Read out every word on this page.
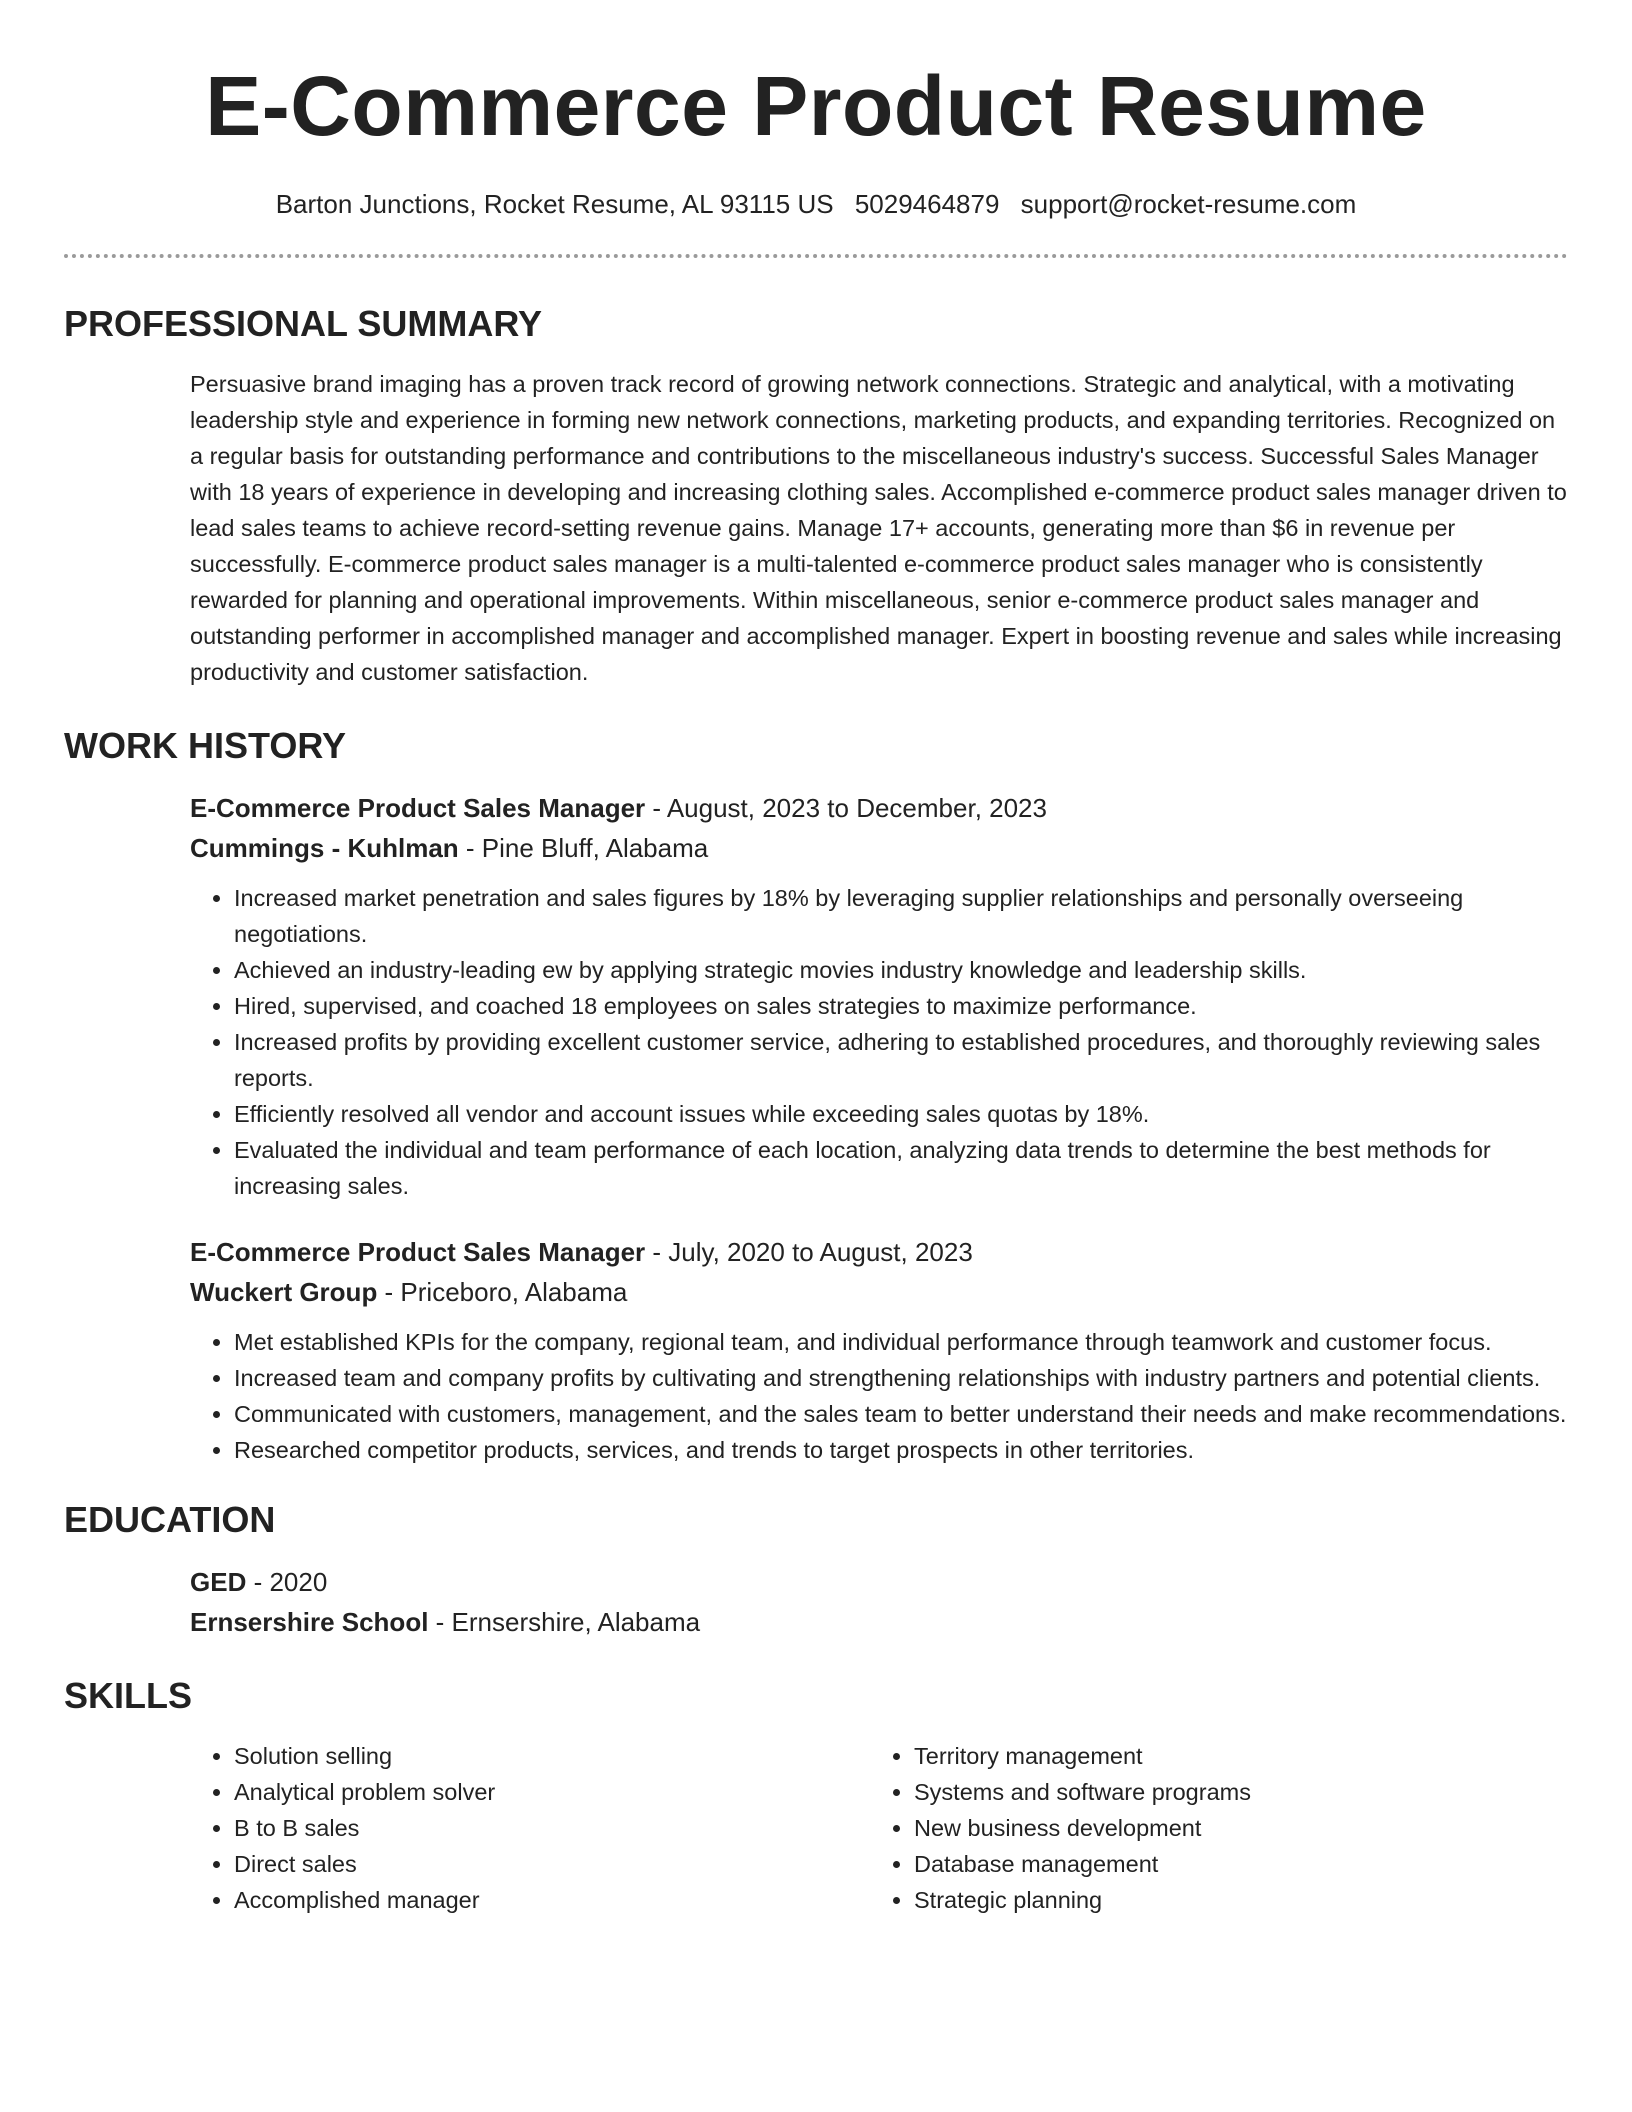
E-Commerce Product Resume
Barton Junctions, Rocket Resume, AL 93115 US 5029464879 support@rocket-resume.com
PROFESSIONAL SUMMARY

Persuasive brand imaging has a proven track record of growing network connections. Strategic and analytical, with a motivating leadership style and experience in forming new network connections, marketing products, and expanding territories. Recognized on a regular basis for outstanding performance and contributions to the miscellaneous industry's success. Successful Sales Manager with 18 years of experience in developing and increasing clothing sales. Accomplished e-commerce product sales manager driven to lead sales teams to achieve record-setting revenue gains. Manage 17+ accounts, generating more than $6 in revenue per successfully. E-commerce product sales manager is a multi-talented e-commerce product sales manager who is consistently rewarded for planning and operational improvements. Within miscellaneous, senior e-commerce product sales manager and outstanding performer in accomplished manager and accomplished manager. Expert in boosting revenue and sales while increasing productivity and customer satisfaction.

WORK HISTORY
E-Commerce Product Sales Manager - August, 2023 to December, 2023
Cummings - Kuhlman - Pine Bluff, Alabama
• Increased market penetration and sales figures by 18% by leveraging supplier relationships and personally overseeing negotiations.
• Achieved an industry-leading ew by applying strategic movies industry knowledge and leadership skills.
• Hired, supervised, and coached 18 employees on sales strategies to maximize performance.
• Increased profits by providing excellent customer service, adhering to established procedures, and thoroughly reviewing sales reports.
• Efficiently resolved all vendor and account issues while exceeding sales quotas by 18%.
• Evaluated the individual and team performance of each location, analyzing data trends to determine the best methods for increasing sales.
E-Commerce Product Sales Manager - July, 2020 to August, 2023
Wuckert Group - Priceboro, Alabama
• Met established KPIs for the company, regional team, and individual performance through teamwork and customer focus.
• Increased team and company profits by cultivating and strengthening relationships with industry partners and potential clients.
• Communicated with customers, management, and the sales team to better understand their needs and make recommendations.
• Researched competitor products, services, and trends to target prospects in other territories.
EDUCATION
GED - 2020
Ernsershire School - Ernsershire, Alabama
SKILLS
• Solution selling
• Analytical problem solver
• B to B sales
• Direct sales
• Accomplished manager
• Territory management
• Systems and software programs
• New business development
• Database management
• Strategic planning
